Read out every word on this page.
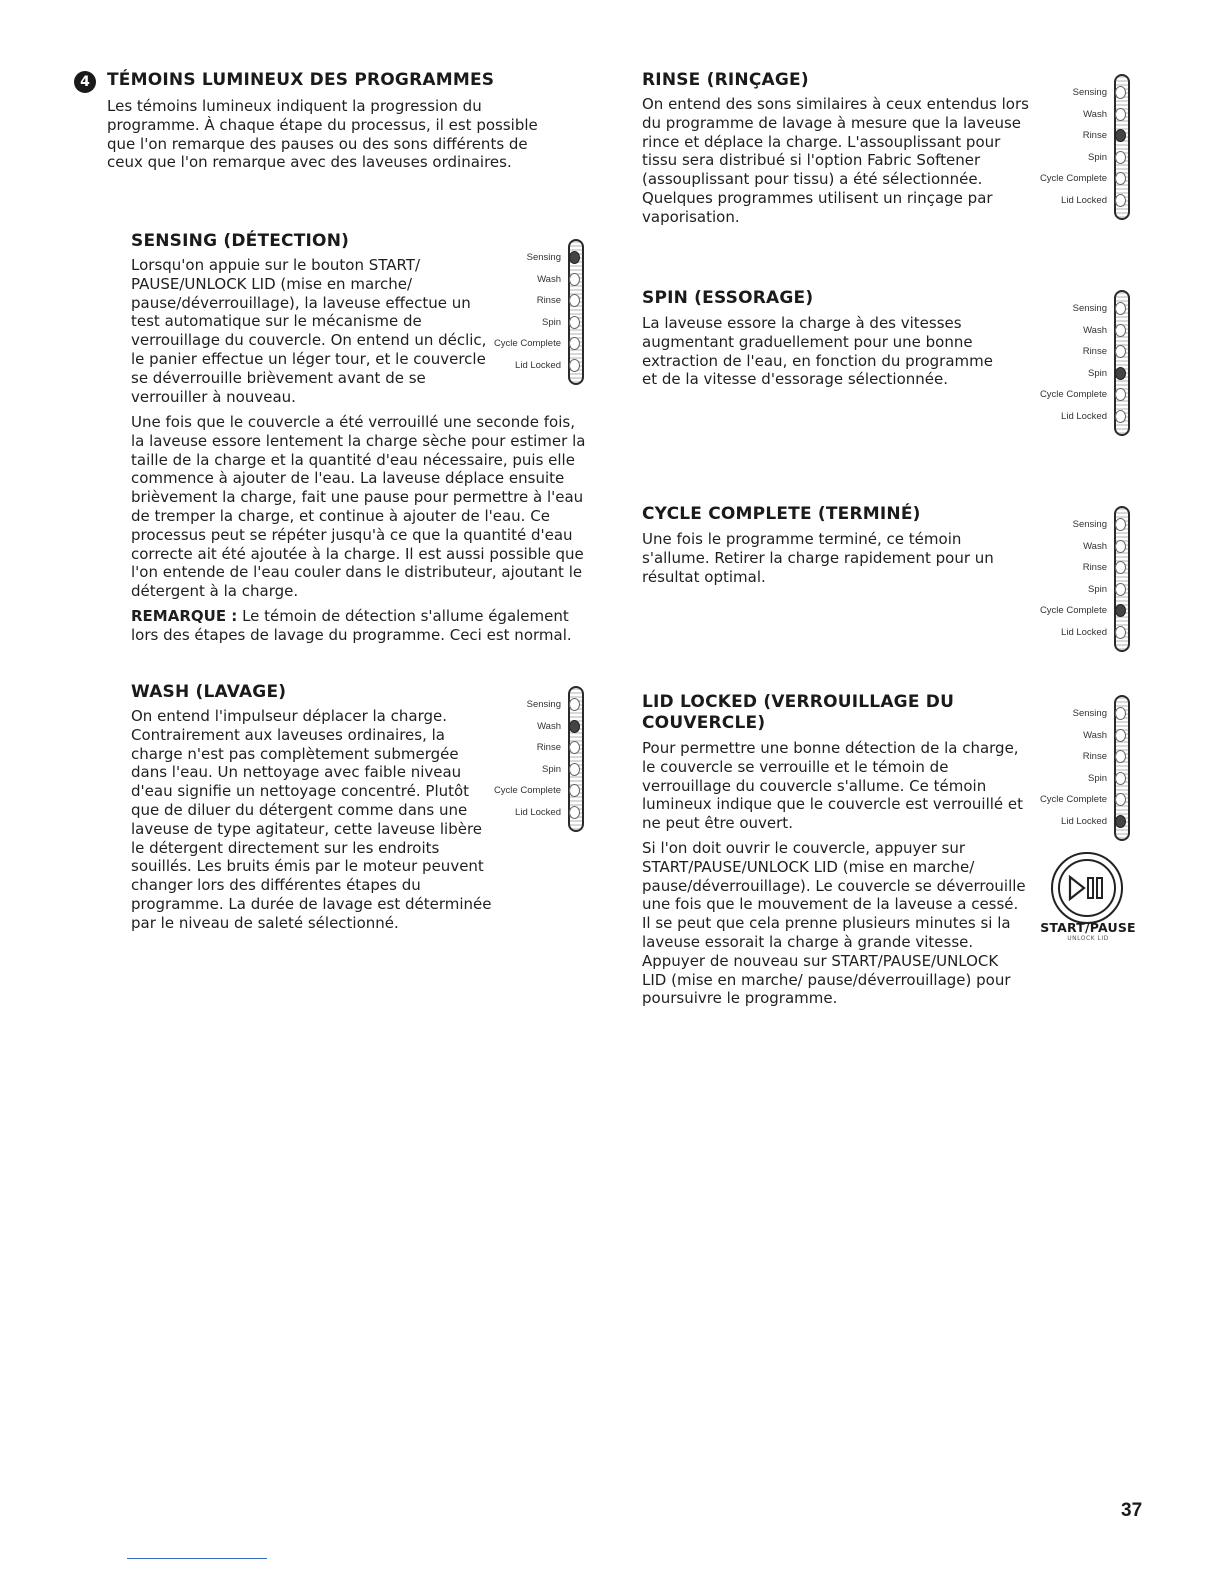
4	TÉMOINS LUMINEUX DES PROGRAMMES

Les témoins lumineux indiquent la progression du programme. À chaque étape du processus, il est possible que l'on remarque des pauses ou des sons différents de ceux que l'on remarque avec des laveuses ordinaires.

SENSING (DÉTECTION)

Lorsqu'on appuie sur le bouton START/ PAUSE/UNLOCK LID (mise en marche/ pause/déverrouillage), la laveuse effectue un test automatique sur le mécanisme de verrouillage du couvercle. On entend un déclic, le panier effectue un léger tour, et le couvercle se déverrouille brièvement avant de se verrouiller à nouveau.

Une fois que le couvercle a été verrouillé une seconde fois, la laveuse essore lentement la charge sèche pour estimer la taille de la charge et la quantité d'eau nécessaire, puis elle commence à ajouter de l'eau. La laveuse déplace ensuite brièvement la charge, fait une pause pour permettre à l'eau de tremper la charge, et continue à ajouter de l'eau. Ce processus peut se répéter jusqu'à ce que la quantité d'eau correcte ait été ajoutée à la charge. Il est aussi possible que l'on entende de l'eau couler dans le distributeur, ajoutant le détergent à la charge.

REMARQUE : Le témoin de détection s'allume également lors des étapes de lavage du programme. Ceci est normal.

WASH (LAVAGE)

On entend l'impulseur déplacer la charge. Contrairement aux laveuses ordinaires, la charge n'est pas complètement submergée dans l'eau. Un nettoyage avec faible niveau d'eau signifie un nettoyage concentré. Plutôt que de diluer du détergent comme dans une laveuse de type agitateur, cette laveuse libère le détergent directement sur les endroits souillés. Les bruits émis par le moteur peuvent changer lors des différentes étapes du programme. La durée de lavage est déterminée par le niveau de saleté sélectionné.

RINSE (RINÇAGE)

On entend des sons similaires à ceux entendus lors du programme de lavage à mesure que la laveuse rince et déplace la charge. L'assouplissant pour tissu sera distribué si l'option Fabric Softener (assouplissant pour tissu) a été sélectionnée. Quelques programmes utilisent un rinçage par vaporisation.

SPIN (ESSORAGE)

La laveuse essore la charge à des vitesses augmentant graduellement pour une bonne extraction de l'eau, en fonction du programme et de la vitesse d'essorage sélectionnée.

CYCLE COMPLETE (TERMINÉ)

Une fois le programme terminé, ce témoin s'allume. Retirer la charge rapidement pour un résultat optimal.

LID LOCKED (VERROUILLAGE DU
COUVERCLE)

Pour permettre une bonne détection de la charge, le couvercle se verrouille et le témoin de verrouillage du couvercle s'allume. Ce témoin lumineux indique que le couvercle est verrouillé et ne peut être ouvert.

Si l'on doit ouvrir le couvercle, appuyer sur START/PAUSE/UNLOCK LID (mise en marche/ pause/déverrouillage). Le couvercle se déverrouille une fois que le mouvement de la laveuse a cessé. Il se peut que cela prenne plusieurs minutes si la laveuse essorait la charge à grande vitesse. Appuyer de nouveau sur START/PAUSE/UNLOCK LID (mise en marche/ pause/déverrouillage) pour poursuivre le programme.

Sensing
Wash
Rinse
Spin
Cycle Complete
Lid Locked
Sensing
Wash
Rinse
Spin
Cycle Complete
Lid Locked
Sensing
Wash
Rinse
Spin
Cycle Complete
Lid Locked
Sensing
Wash
Rinse
Spin
Cycle Complete
Lid Locked
Sensing
Wash
Rinse
Spin
Cycle Complete
Lid Locked
Sensing
Wash
Rinse
Spin
Cycle Complete
Lid Locked
START/PAUSE
UNLOCK LID
37
